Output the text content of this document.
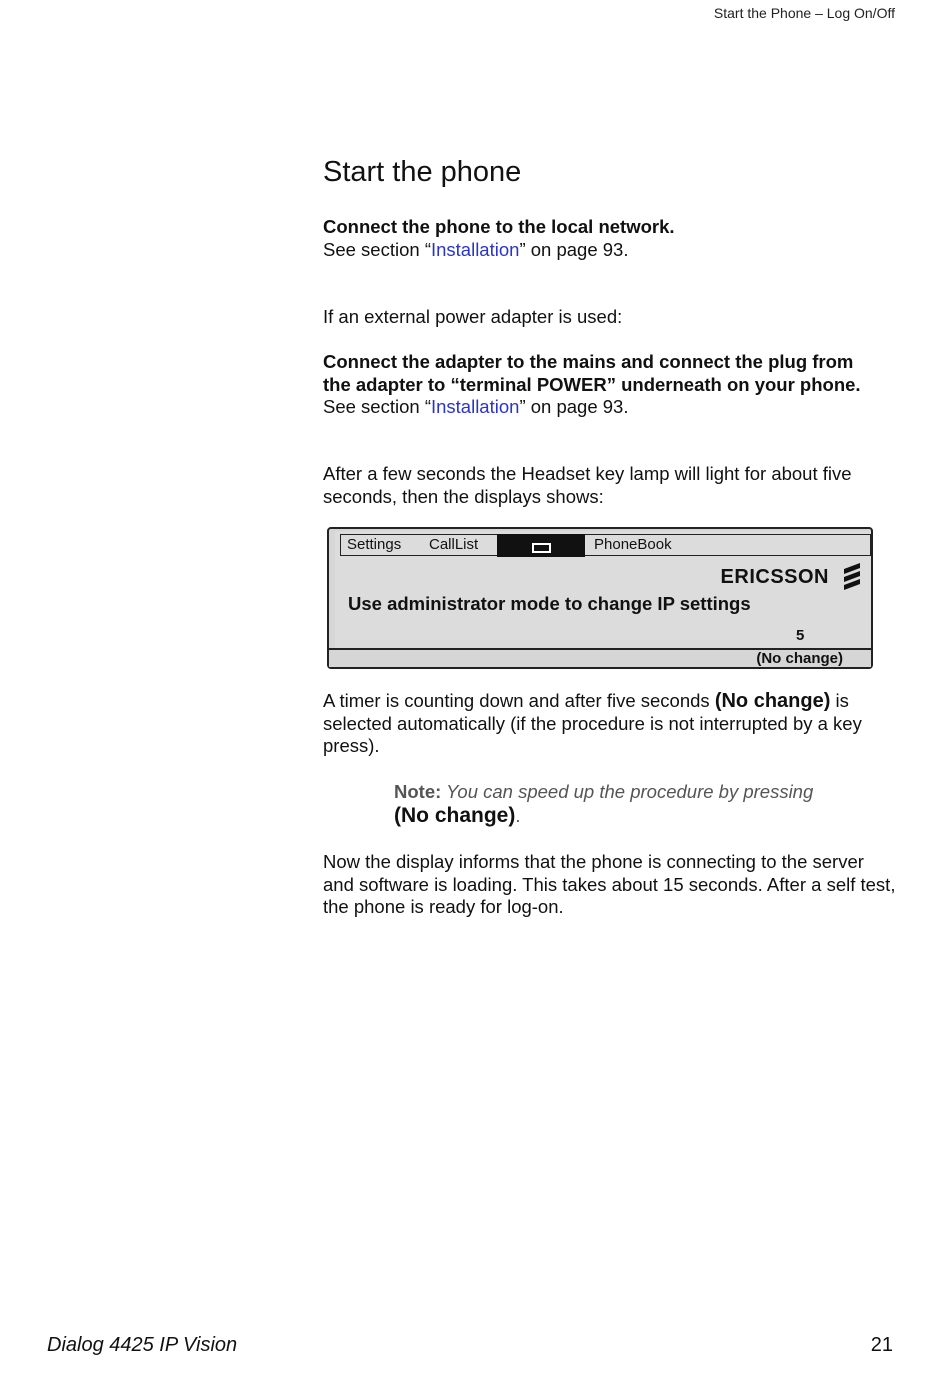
Start the Phone – Log On/Off
Start the phone
Connect the phone to the local network.
See section “Installation” on page 93.
If an external power adapter is used:
Connect the adapter to the mains and connect the plug from
the adapter to “terminal POWER” underneath on your phone.
See section “Installation” on page 93.
After a few seconds the Headset key lamp will light for about five seconds, then the displays shows:
Settings CallList	PhoneBook
ERICSSON
Use administrator mode to change IP settings
5
(No change)
A timer is counting down and after five seconds (No change) is selected automatically (if the procedure is not interrupted by a key press).
Note: You can speed up the procedure by pressing
(No change).
Now the display informs that the phone is connecting to the server and software is loading. This takes about 15 seconds. After a self test, the phone is ready for log-on.
Dialog 4425 IP Vision	21
